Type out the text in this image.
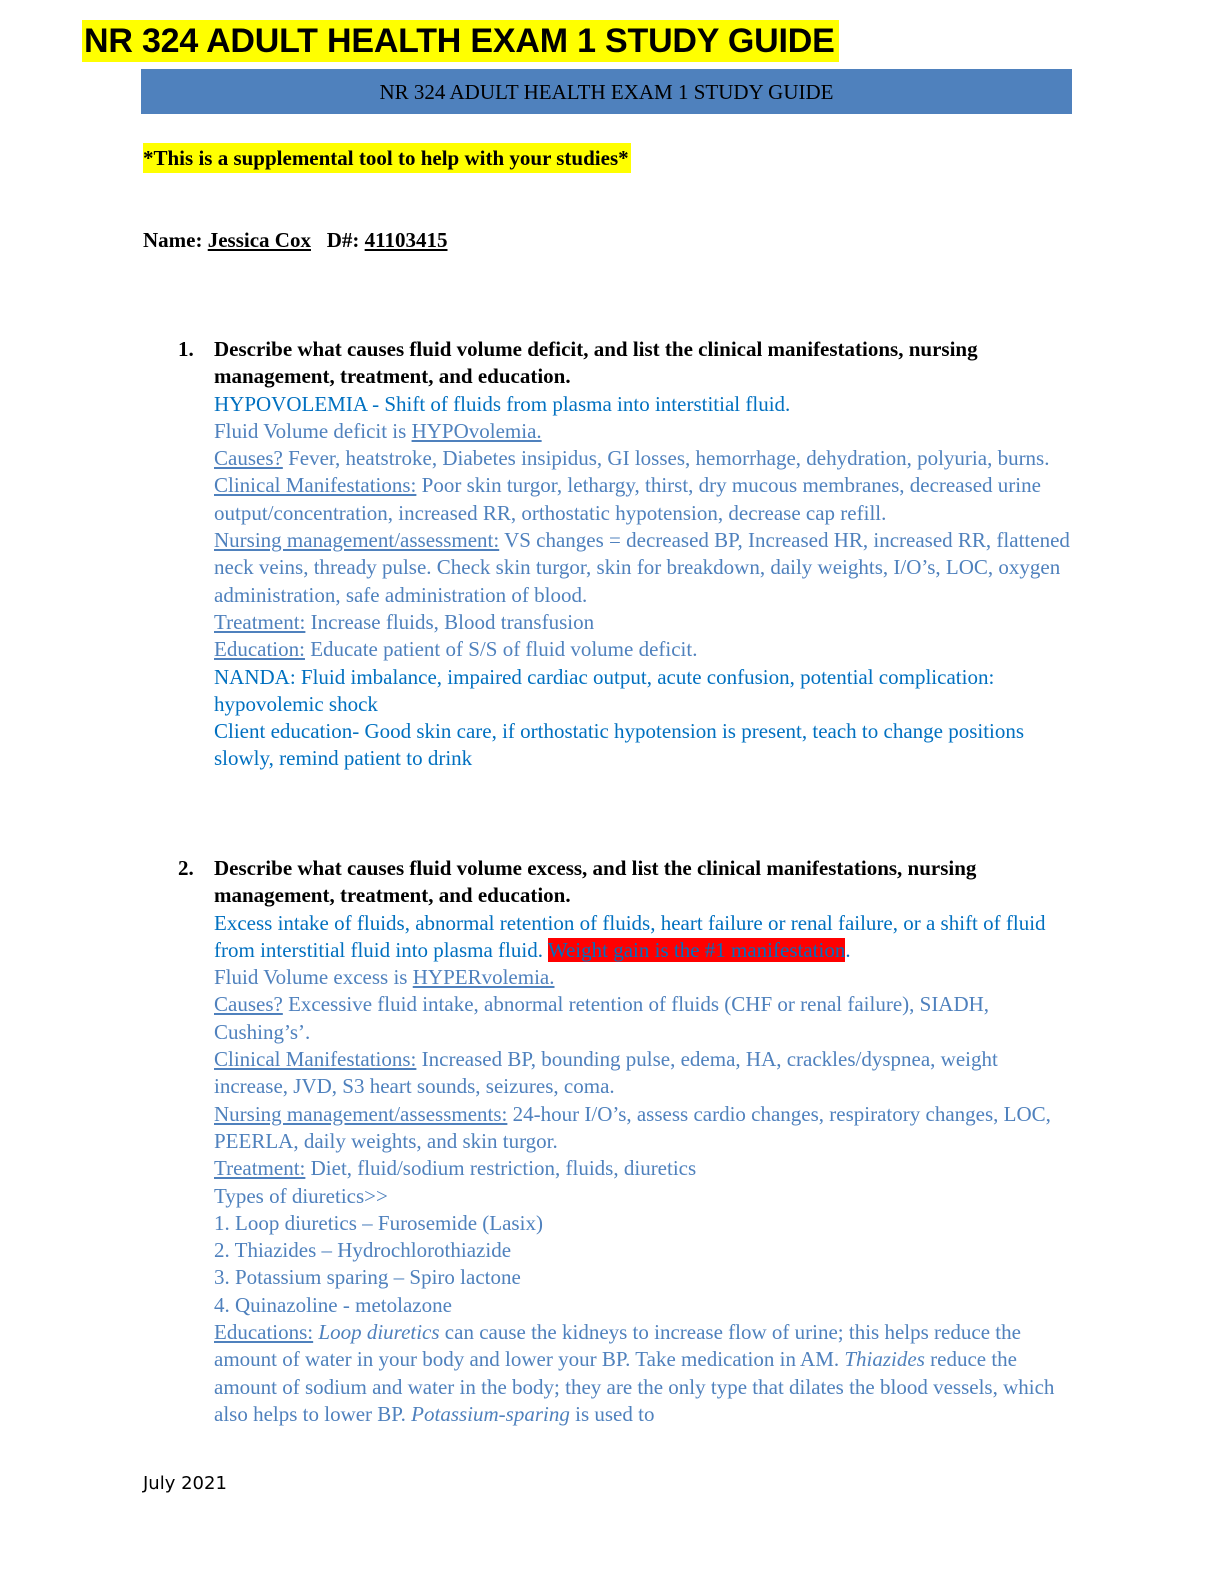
NR 324 ADULT HEALTH EXAM 1 STUDY GUIDE
NR 324 ADULT HEALTH EXAM 1 STUDY GUIDE
*This is a supplemental tool to help with your studies*
Name: Jessica Cox D#: 41103415
1. Describe what causes fluid volume deficit, and list the clinical manifestations, nursing management, treatment, and education.

HYPOVOLEMIA - Shift of fluids from plasma into interstitial fluid.

Fluid Volume deficit is HYPOvolemia.

Causes? Fever, heatstroke, Diabetes insipidus, GI losses, hemorrhage, dehydration, polyuria, burns.

Clinical Manifestations: Poor skin turgor, lethargy, thirst, dry mucous membranes, decreased urine output/concentration, increased RR, orthostatic hypotension, decrease cap refill.

Nursing management/assessment: VS changes = decreased BP, Increased HR, increased RR, flattened neck veins, thready pulse. Check skin turgor, skin for breakdown, daily weights, I/O’s, LOC, oxygen administration, safe administration of blood.

Treatment: Increase fluids, Blood transfusion

Education: Educate patient of S/S of fluid volume deficit.

NANDA: Fluid imbalance, impaired cardiac output, acute confusion, potential complication: hypovolemic shock

Client education- Good skin care, if orthostatic hypotension is present, teach to change positions slowly, remind patient to drink

2. Describe what causes fluid volume excess, and list the clinical manifestations, nursing management, treatment, and education.

Excess intake of fluids, abnormal retention of fluids, heart failure or renal failure, or a shift of fluid from interstitial fluid into plasma fluid. Weight gain is the #1 manifestation.

Fluid Volume excess is HYPERvolemia.

Causes? Excessive fluid intake, abnormal retention of fluids (CHF or renal failure), SIADH, Cushing’s’.

Clinical Manifestations: Increased BP, bounding pulse, edema, HA, crackles/dyspnea, weight increase, JVD, S3 heart sounds, seizures, coma.

Nursing management/assessments: 24-hour I/O’s, assess cardio changes, respiratory changes, LOC, PEERLA, daily weights, and skin turgor.

Treatment: Diet, fluid/sodium restriction, fluids, diuretics

Types of diuretics>>

1. Loop diuretics – Furosemide (Lasix)

2. Thiazides – Hydrochlorothiazide

3. Potassium sparing – Spiro lactone

4. Quinazoline - metolazone

Educations: Loop diuretics can cause the kidneys to increase flow of urine; this helps reduce the amount of water in your body and lower your BP. Take medication in AM. Thiazides reduce the amount of sodium and water in the body; they are the only type that dilates the blood vessels, which also helps to lower BP. Potassium-sparing is used to

July 2021
